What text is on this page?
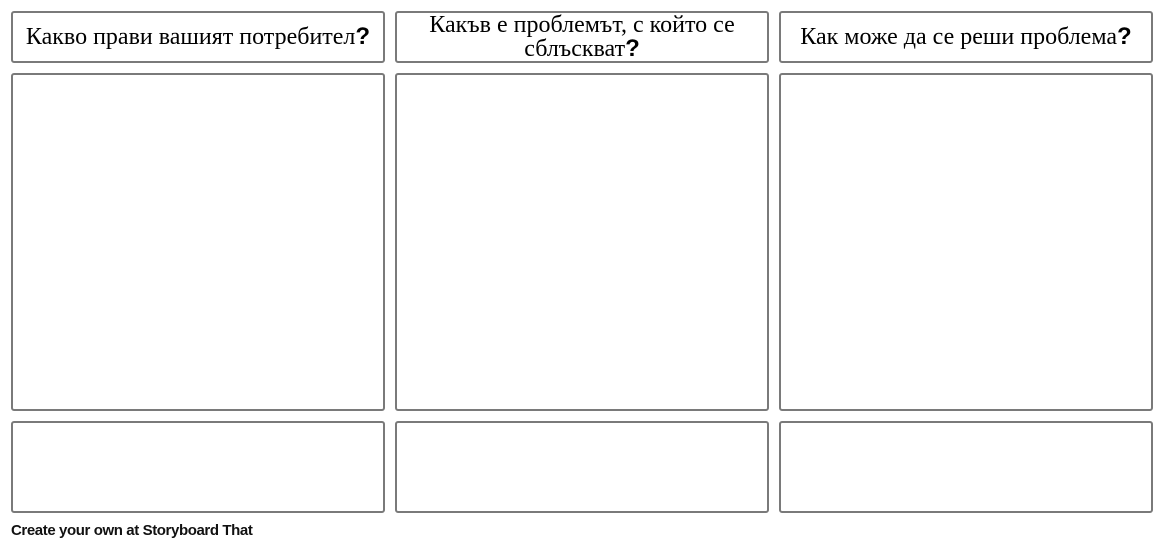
Какво прави вашият потребител?	Какъв е проблемът, с който се сблъскват?	Как може да се реши проблема?
Create your own at Storyboard That
